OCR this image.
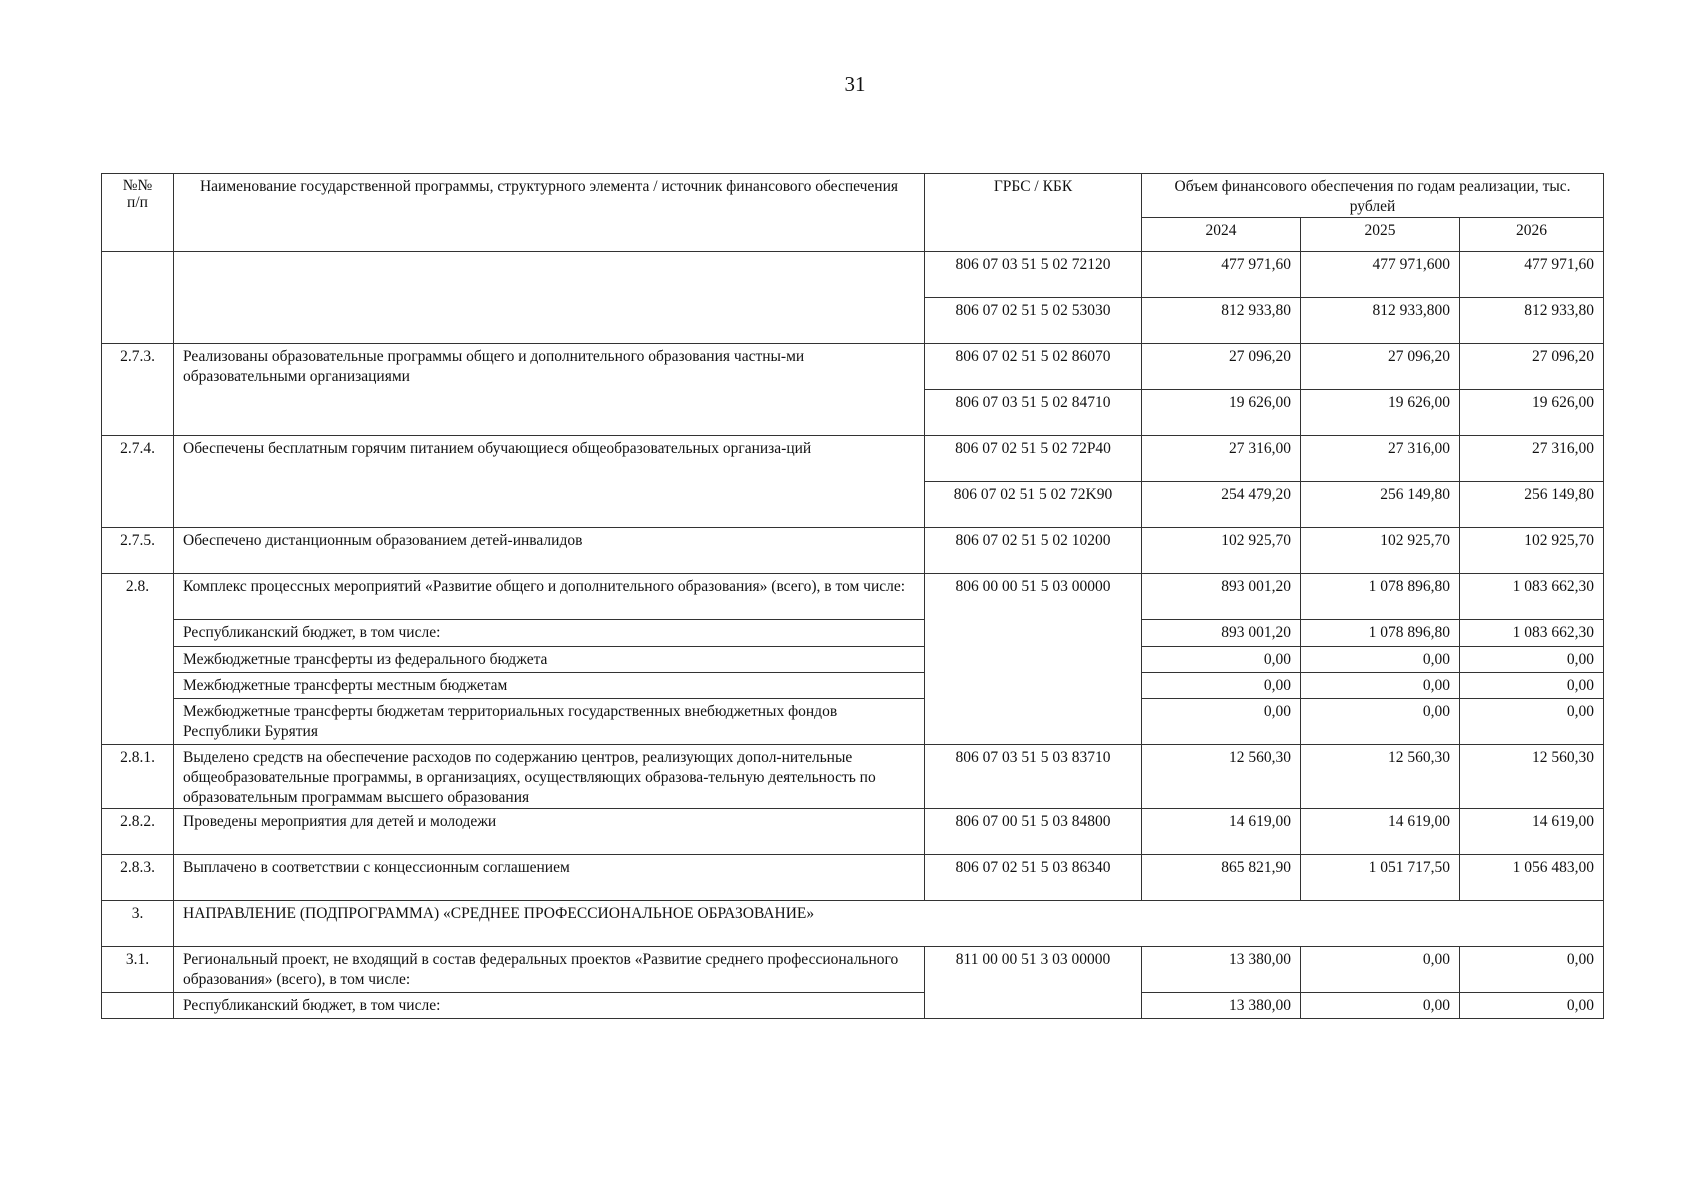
31
№№
п/п	Наименование государственной программы, структурного элемента / источник финансового обеспечения	ГРБС / КБК	Объем финансового обеспечения по годам реализации, тыс. рублей		
			2024	2025	2026
		806 07 03 51 5 02 72120	477 971,60	477 971,600	477 971,60
		806 07 02 51 5 02 53030	812 933,80	812 933,800	812 933,80
2.7.3.	Реализованы образовательные программы общего и дополнительного образования частны-ми образовательными организациями	806 07 02 51 5 02 86070	27 096,20	27 096,20	27 096,20
		806 07 03 51 5 02 84710	19 626,00	19 626,00	19 626,00
2.7.4.	Обеспечены бесплатным горячим питанием обучающиеся общеобразовательных организа-ций	806 07 02 51 5 02 72P40	27 316,00	27 316,00	27 316,00
		806 07 02 51 5 02 72K90	254 479,20	256 149,80	256 149,80
2.7.5.	Обеспечено дистанционным образованием детей-инвалидов	806 07 02 51 5 02 10200	102 925,70	102 925,70	102 925,70
2.8.	Комплекс процессных мероприятий «Развитие общего и дополнительного образования» (всего), в том числе:	806 00 00 51 5 03 00000	893 001,20	1 078 896,80	1 083 662,30
	Республиканский бюджет, в том числе:		893 001,20	1 078 896,80	1 083 662,30
	Межбюджетные трансферты из федерального бюджета		0,00	0,00	0,00
	Межбюджетные трансферты местным бюджетам		0,00	0,00	0,00
	Межбюджетные трансферты бюджетам территориальных государственных внебюджетных фондов Республики Бурятия		0,00	0,00	0,00
2.8.1.	Выделено средств на обеспечение расходов по содержанию центров, реализующих допол-нительные общеобразовательные программы, в организациях, осуществляющих образова-тельную деятельность по образовательным программам высшего образования	806 07 03 51 5 03 83710	12 560,30	12 560,30	12 560,30
2.8.2.	Проведены мероприятия для детей и молодежи	806 07 00 51 5 03 84800	14 619,00	14 619,00	14 619,00
2.8.3.	Выплачено в соответствии с концессионным соглашением	806 07 02 51 5 03 86340	865 821,90	1 051 717,50	1 056 483,00
3.	НАПРАВЛЕНИЕ (ПОДПРОГРАММА) «СРЕДНЕЕ ПРОФЕССИОНАЛЬНОЕ ОБРАЗОВАНИЕ»				
3.1.	Региональный проект, не входящий в состав федеральных проектов «Развитие среднего профессионального образования» (всего), в том числе:	811 00 00 51 3 03 00000	13 380,00	0,00	0,00
	Республиканский бюджет, в том числе:		13 380,00	0,00	0,00
